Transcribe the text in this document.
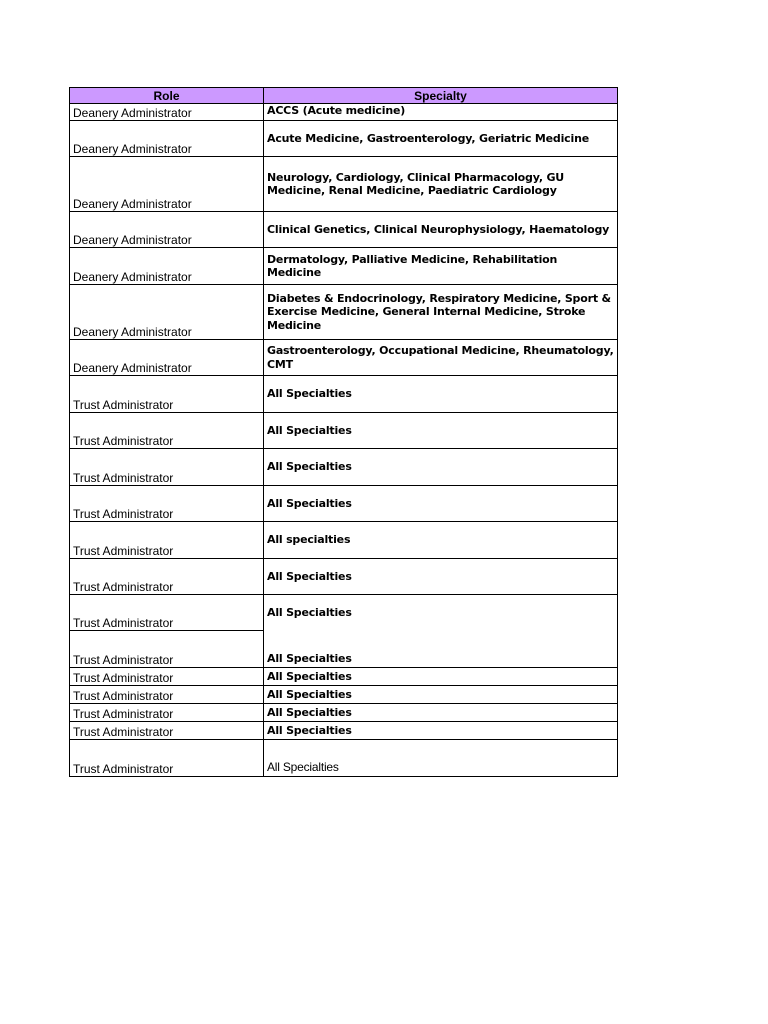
Role	Specialty
Deanery Administrator	ACCS (Acute medicine)
Deanery Administrator	Acute Medicine, Gastroenterology, Geriatric Medicine
Deanery Administrator	Neurology, Cardiology, Clinical Pharmacology, GU Medicine, Renal Medicine, Paediatric Cardiology
Deanery Administrator	Clinical Genetics, Clinical Neurophysiology, Haematology
Deanery Administrator	Dermatology, Palliative Medicine, Rehabilitation Medicine
Deanery Administrator	Diabetes & Endocrinology, Respiratory Medicine, Sport & Exercise Medicine, General Internal Medicine, Stroke Medicine
Deanery Administrator	Gastroenterology, Occupational Medicine, Rheumatology, CMT
Trust Administrator	All Specialties
Trust Administrator	All Specialties
Trust Administrator	All Specialties
Trust Administrator	All Specialties
Trust Administrator	All specialties
Trust Administrator	All Specialties
Trust Administrator	All Specialties
Trust Administrator	All Specialties
Trust Administrator	All Specialties
Trust Administrator	All Specialties
Trust Administrator	All Specialties
Trust Administrator	All Specialties
Trust Administrator	All Specialties
